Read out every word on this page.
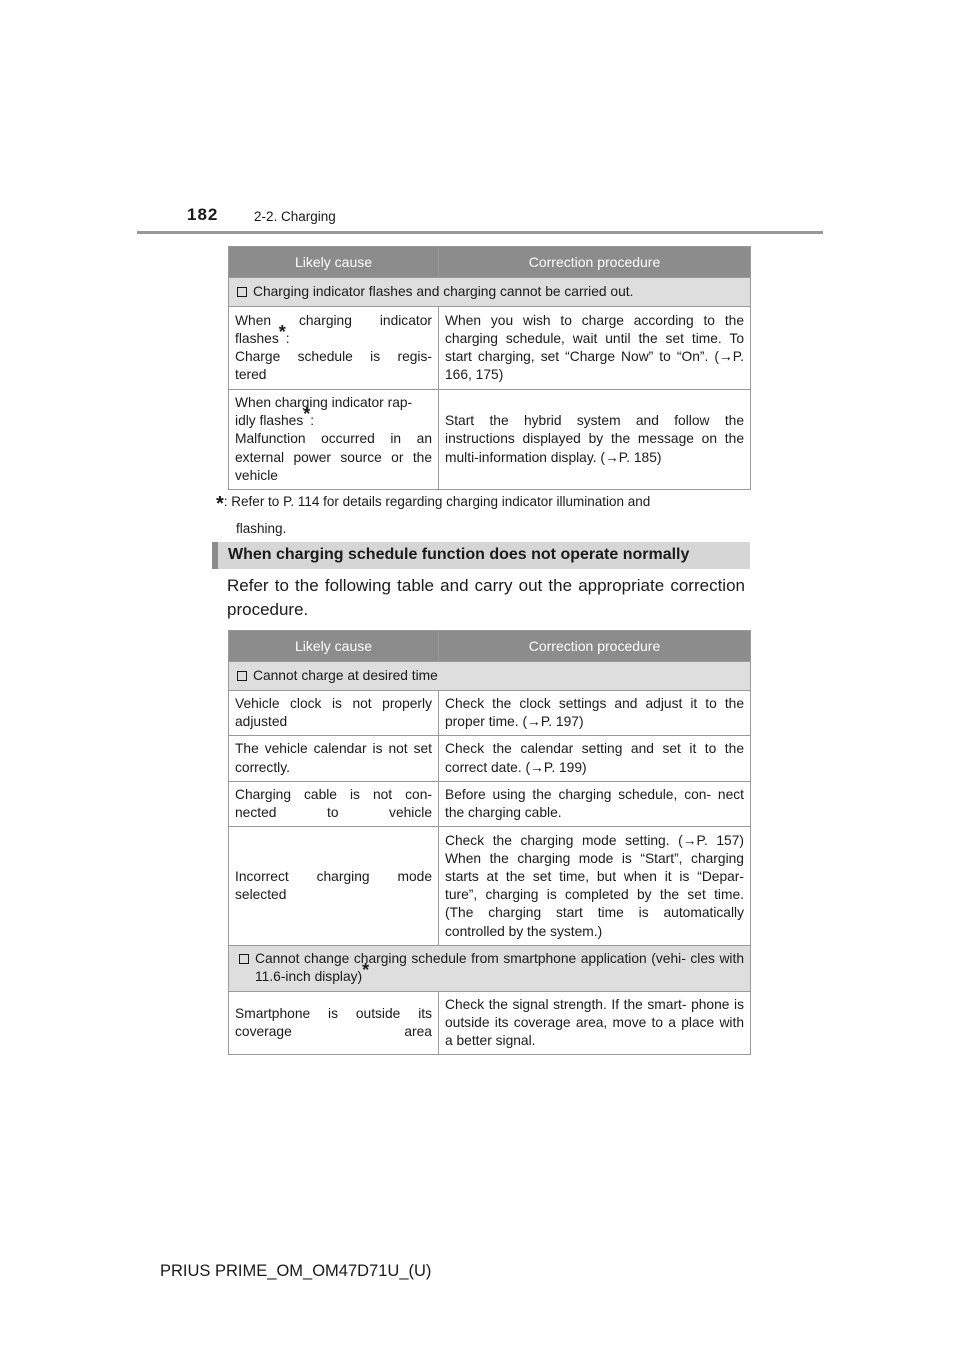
182	2-2. Charging
Likely cause	Correction procedure
Charging indicator flashes and charging cannot be carried out.	

When charging indicator
flashes*:
Charge schedule is regis-
tered	When you wish to charge according to the charging schedule, wait until the set time. To start charging, set “Charge Now” to “On”. (→P. 166, 175)

When charging indicator rap-
idly flashes*:
Malfunction occurred in an external power source or the vehicle	Start the hybrid system and follow the instructions displayed by the message on the multi-information display. (→P. 185)
*: Refer to P. 114 for details regarding charging indicator illumination and
flashing.
When charging schedule function does not operate normally
Refer to the following table and carry out the appropriate correction procedure.
Likely cause	Correction procedure
Cannot charge at desired time	
Vehicle clock is not properly adjusted	Check the clock settings and adjust it to the proper time. (→P. 197)
The vehicle calendar is not set correctly.	Check the calendar setting and set it to the correct date. (→P. 199)
Charging cable is not con- nected to vehicle	Before using the charging schedule, con- nect the charging cable.
Incorrect charging mode selected	Check the charging mode setting. (→P. 157) When the charging mode is “Start”, charging starts at the set time, but when it is “Depar- ture”, charging is completed by the set time. (The charging start time is automatically controlled by the system.)

Cannot change charging schedule from smartphone application (vehi- cles with 11.6-inch display)*

Smartphone is outside its coverage area	Check the signal strength. If the smart- phone is outside its coverage area, move to a place with a better signal.
PRIUS PRIME_OM_OM47D71U_(U)
